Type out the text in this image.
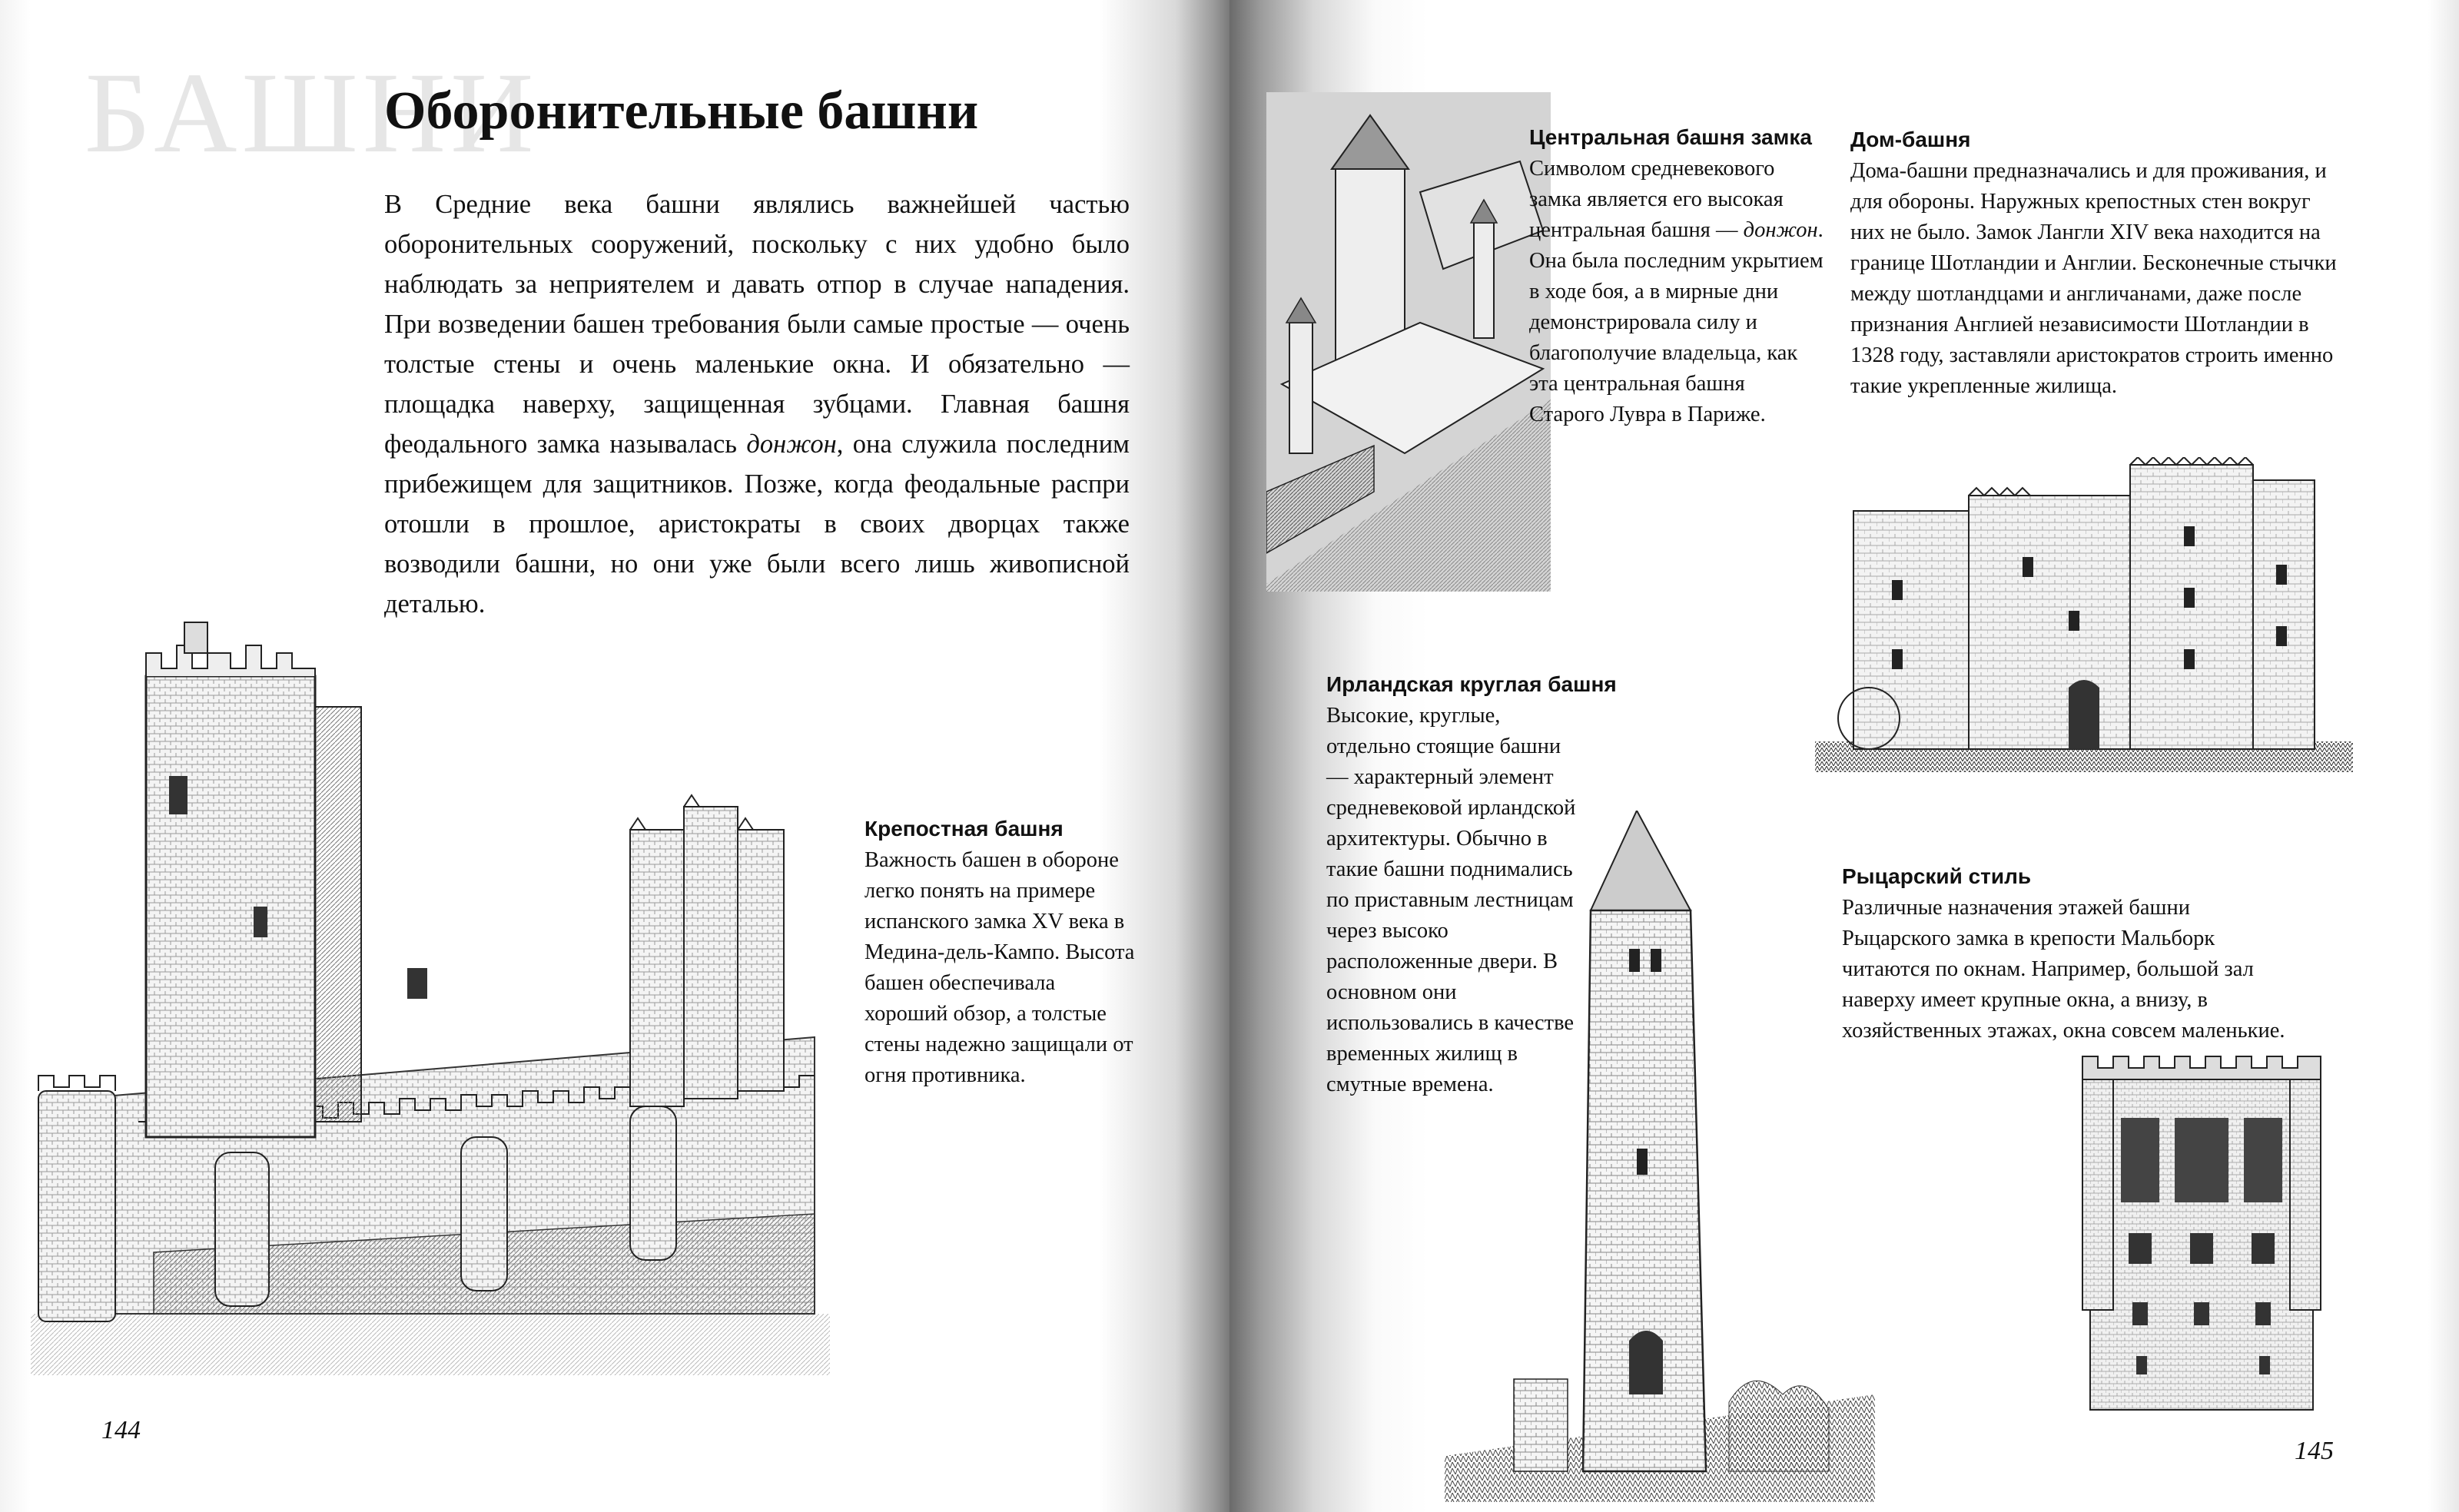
БАШНИ
Оборонительные башни

В Средние века башни являлись важнейшей частью оборонительных сооружений, поскольку с них удобно было наблюдать за неприятелем и давать отпор в случае нападения. При возведении башен требования были самые простые — очень толстые стены и очень маленькие окна. И обязательно — площадка наверху, защищенная зубцами. Главная башня феодального замка называлась донжон, она служила последним прибежищем для защитников. Позже, когда феодальные распри отошли в прошлое, аристократы в своих дворцах также возводили башни, но они уже были всего лишь живописной деталью.

Крепостная башня

Важность башен в обороне легко понять на примере испанского замка XV века в Медина-дель-Кампо. Высота башен обеспечивала хороший обзор, а толстые стены надежно защищали от огня противника.

144
Центральная башня замка

Символом средневекового замка является его высокая центральная башня — донжон. Она была последним укрытием в ходе боя, а в мирные дни демонстрировала силу и благополучие владельца, как эта центральная башня Старого Лувра в Париже.

Дом-башня

Дома-башни предназначались и для проживания, и для обороны. Наружных крепостных стен вокруг них не было. Замок Лангли XIV века находится на границе Шотландии и Англии. Бесконечные стычки между шотландцами и англичанами, даже после признания Англией независимости Шотландии в 1328 году, заставляли аристократов строить именно такие укрепленные жилища.

Ирландская круглая башня

Высокие, круглые, отдельно стоящие башни — характерный элемент средневековой ирландской архитектуры. Обычно в такие башни поднимались по приставным лестницам через высоко расположенные двери. В основном они использовались в качестве временных жилищ в смутные времена.

Рыцарский стиль

Различные назначения этажей башни Рыцарского замка в крепости Мальборк читаются по окнам. Например, большой зал наверху имеет крупные окна, а внизу, в хозяйственных этажах, окна совсем маленькие.

145
